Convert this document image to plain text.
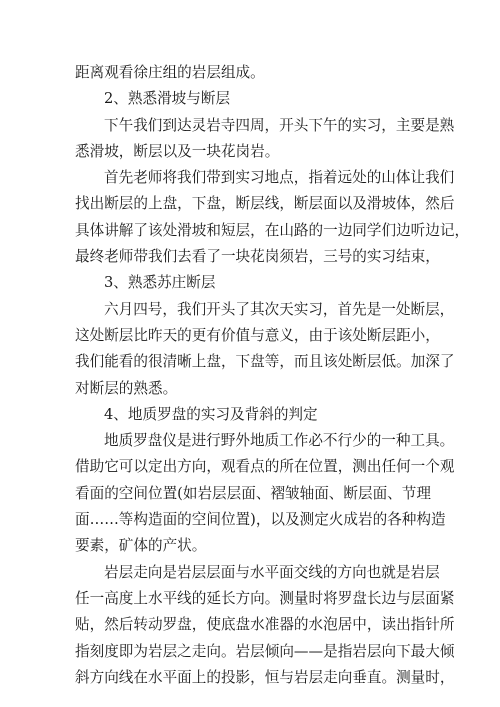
距离观看徐庄组的岩层组成。
2、熟悉滑坡与断层
下午我们到达灵岩寺四周，开头下午的实习，主要是熟
悉滑坡，断层以及一块花岗岩。
首先老师将我们带到实习地点，指着远处的山体让我们
找出断层的上盘，下盘，断层线，断层面以及滑坡体，然后
具体讲解了该处滑坡和短层，在山路的一边同学们边听边记，
最终老师带我们去看了一块花岗须岩，三号的实习结束，
3、熟悉苏庄断层
六月四号，我们开头了其次天实习，首先是一处断层，
这处断层比昨天的更有价值与意义，由于该处断层距小，
我们能看的很清晰上盘，下盘等，而且该处断层低。加深了
对断层的熟悉。
4、地质罗盘的实习及背斜的判定
地质罗盘仪是进行野外地质工作必不行少的一种工具。
借助它可以定出方向，观看点的所在位置，测出任何一个观
看面的空间位置(如岩层层面、褶皱轴面、断层面、节理
面……等构造面的空间位置)，以及测定火成岩的各种构造
要素，矿体的产状。
岩层走向是岩层层面与水平面交线的方向也就是岩层
任一高度上水平线的延长方向。测量时将罗盘长边与层面紧
贴，然后转动罗盘，使底盘水准器的水泡居中，读出指针所
指刻度即为岩层之走向。岩层倾向——是指岩层向下最大倾
斜方向线在水平面上的投影，恒与岩层走向垂直。测量时，
